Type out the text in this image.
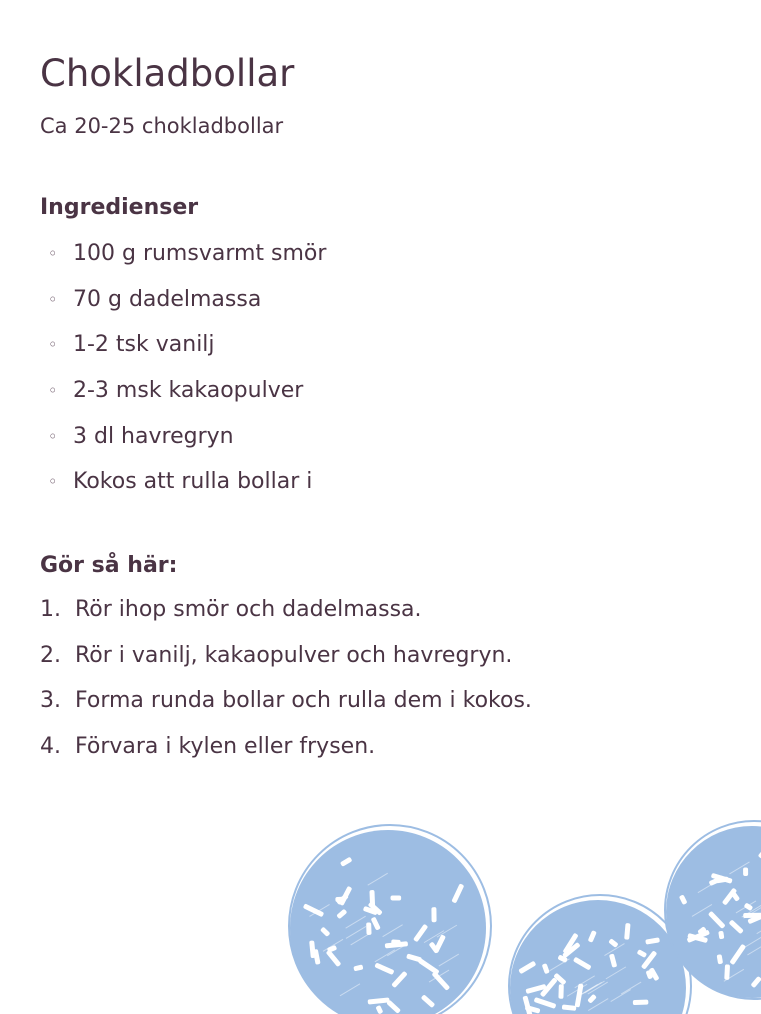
Chokladbollar

Ca 20-25 chokladbollar

Ingredienser
◦ 100 g rumsvarmt smör
◦ 70 g dadelmassa
◦ 1-2 tsk vanilj
◦ 2-3 msk kakaopulver
◦ 3 dl havregryn
◦ Kokos att rulla bollar i
Gör så här:
1. Rör ihop smör och dadelmassa.
2. Rör i vanilj, kakaopulver och havregryn.
3. Forma runda bollar och rulla dem i kokos.
4. Förvara i kylen eller frysen.
